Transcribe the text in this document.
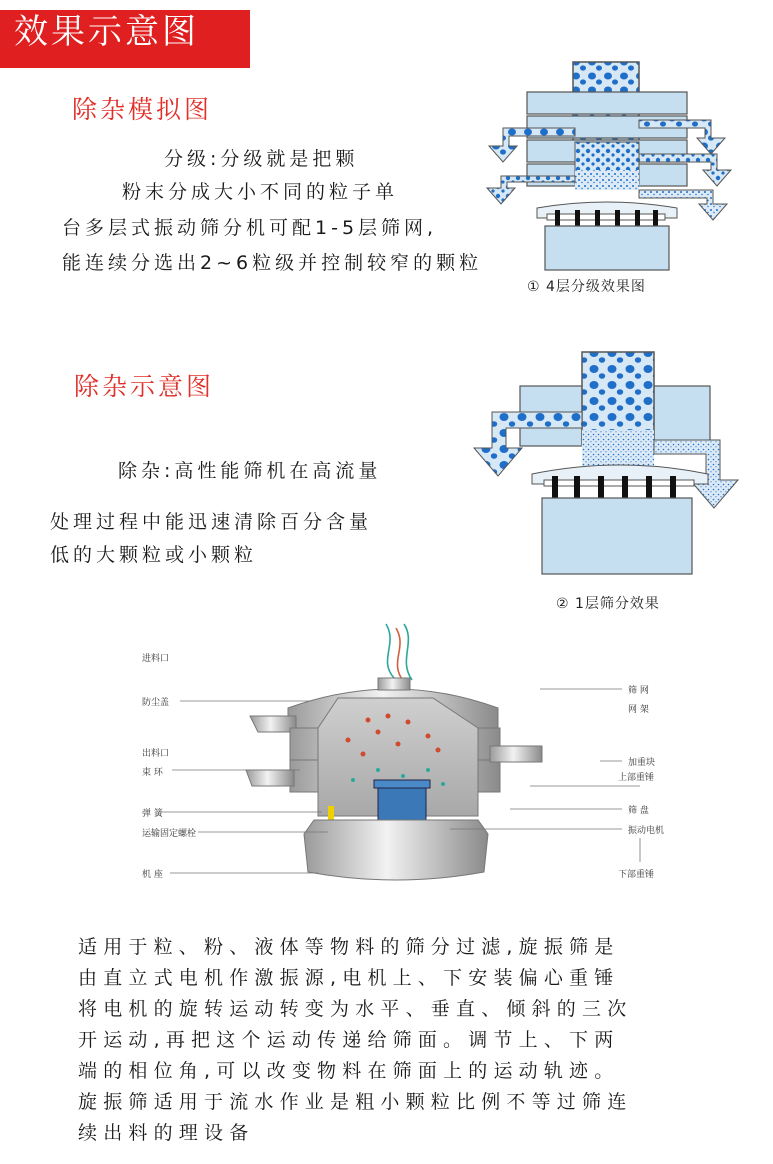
效果示意图
除杂模拟图
分级:分级就是把颗
粉末分成大小不同的粒子单
台多层式振动筛分机可配1-5层筛网,
能连续分选出2~6粒级并控制较窄的颗粒
① 4层分级效果图
除杂示意图
除杂:高性能筛机在高流量
处理过程中能迅速清除百分含量
低的大颗粒或小颗粒
② 1层筛分效果
进料口
防尘盖
出料口
束 环
弹 簧
运输固定螺栓
机 座
筛 网
网 架
加重块
上部重锤
筛 盘
振动电机
下部重锤
适用于粒、粉、液体等物料的筛分过滤,旋振筛是
由直立式电机作激振源,电机上、下安装偏心重锤
将电机的旋转运动转变为水平、垂直、倾斜的三次
开运动,再把这个运动传递给筛面。调节上、下两
端的相位角,可以改变物料在筛面上的运动轨迹。
旋振筛适用于流水作业是粗小颗粒比例不等过筛连
续出料的理设备
